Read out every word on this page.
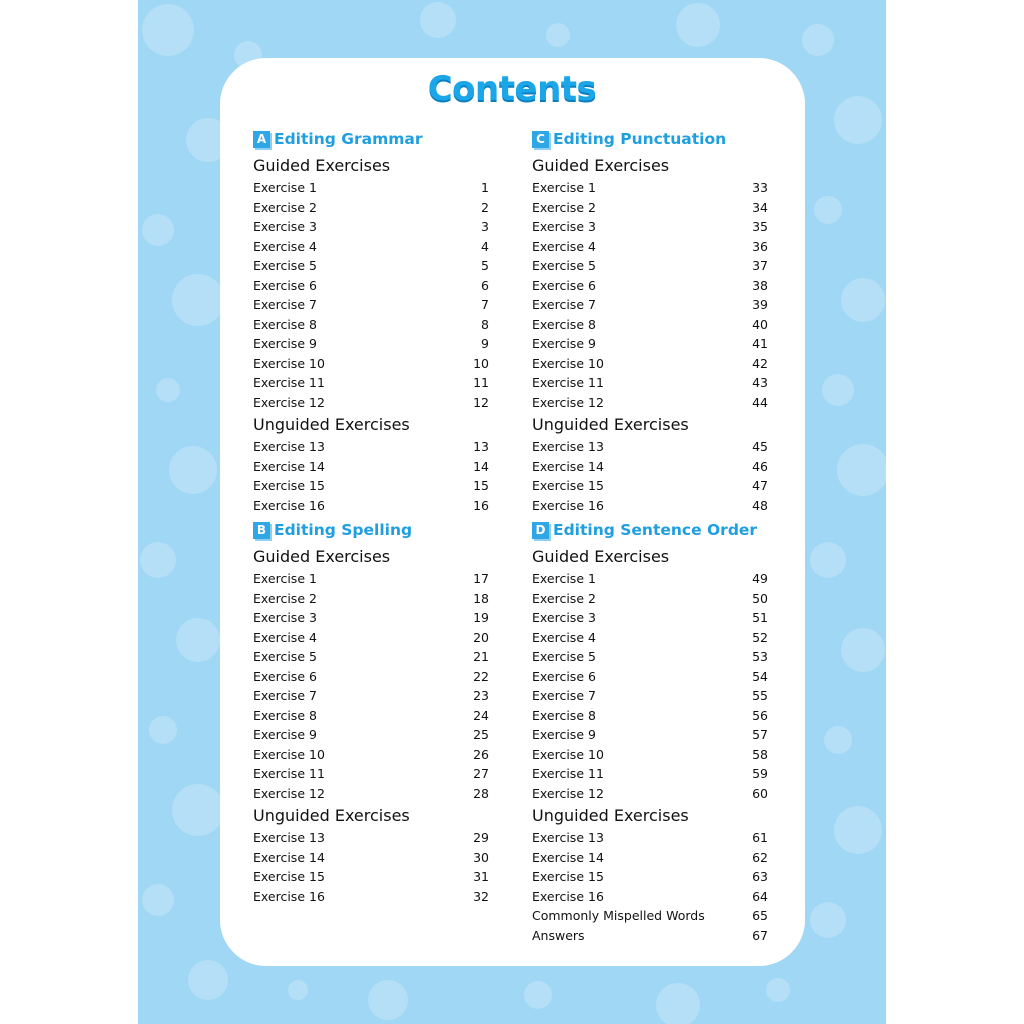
Contents
A Editing Grammar
Guided Exercises
Exercise 1	1
Exercise 2	2
Exercise 3	3
Exercise 4	4
Exercise 5	5
Exercise 6	6
Exercise 7	7
Exercise 8	8
Exercise 9	9
Exercise 10	10
Exercise 11	11
Exercise 12	12
Unguided Exercises
Exercise 13	13
Exercise 14	14
Exercise 15	15
Exercise 16	16
B Editing Spelling
Guided Exercises
Exercise 1	17
Exercise 2	18
Exercise 3	19
Exercise 4	20
Exercise 5	21
Exercise 6	22
Exercise 7	23
Exercise 8	24
Exercise 9	25
Exercise 10	26
Exercise 11	27
Exercise 12	28
Unguided Exercises
Exercise 13	29
Exercise 14	30
Exercise 15	31
Exercise 16	32
C Editing Punctuation
Guided Exercises
Exercise 1	33
Exercise 2	34
Exercise 3	35
Exercise 4	36
Exercise 5	37
Exercise 6	38
Exercise 7	39
Exercise 8	40
Exercise 9	41
Exercise 10	42
Exercise 11	43
Exercise 12	44
Unguided Exercises
Exercise 13	45
Exercise 14	46
Exercise 15	47
Exercise 16	48
D Editing Sentence Order
Guided Exercises
Exercise 1	49
Exercise 2	50
Exercise 3	51
Exercise 4	52
Exercise 5	53
Exercise 6	54
Exercise 7	55
Exercise 8	56
Exercise 9	57
Exercise 10	58
Exercise 11	59
Exercise 12	60
Unguided Exercises
Exercise 13	61
Exercise 14	62
Exercise 15	63
Exercise 16	64
Commonly Mispelled Words	65
Answers	67
